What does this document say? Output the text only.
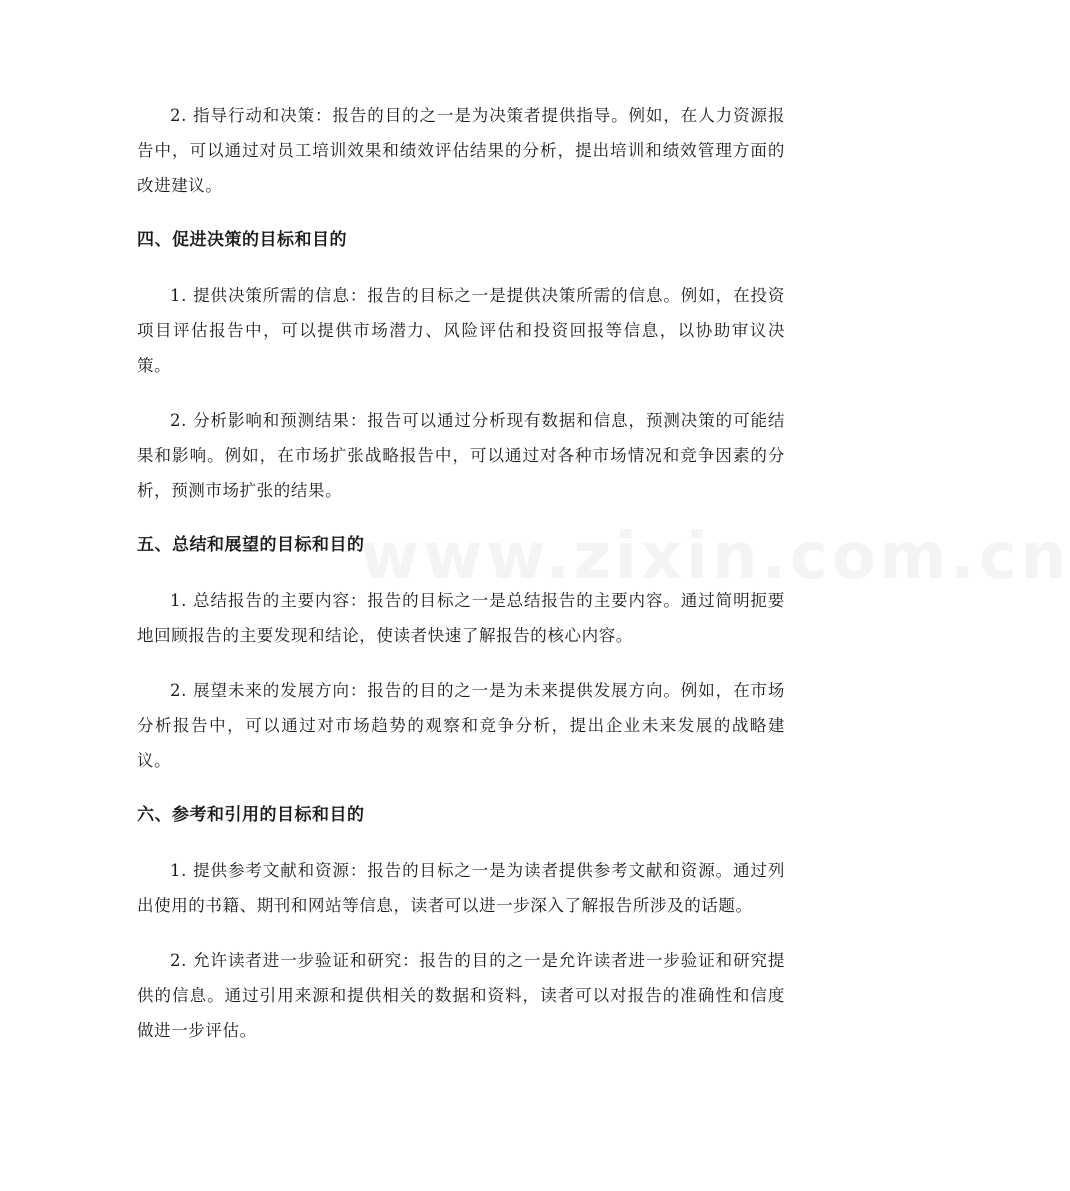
www.zixin.com.cn

2. 指导行动和决策：报告的目的之一是为决策者提供指导。例如，在人力资源报告中，可以通过对员工培训效果和绩效评估结果的分析，提出培训和绩效管理方面的改进建议。

四、促进决策的目标和目的

1. 提供决策所需的信息：报告的目标之一是提供决策所需的信息。例如，在投资项目评估报告中，可以提供市场潜力、风险评估和投资回报等信息，以协助审议决策。

2. 分析影响和预测结果：报告可以通过分析现有数据和信息，预测决策的可能结果和影响。例如，在市场扩张战略报告中，可以通过对各种市场情况和竞争因素的分析，预测市场扩张的结果。

五、总结和展望的目标和目的

1. 总结报告的主要内容：报告的目标之一是总结报告的主要内容。通过简明扼要地回顾报告的主要发现和结论，使读者快速了解报告的核心内容。

2. 展望未来的发展方向：报告的目的之一是为未来提供发展方向。例如，在市场分析报告中，可以通过对市场趋势的观察和竞争分析，提出企业未来发展的战略建议。

六、参考和引用的目标和目的

1. 提供参考文献和资源：报告的目标之一是为读者提供参考文献和资源。通过列出使用的书籍、期刊和网站等信息，读者可以进一步深入了解报告所涉及的话题。

2. 允许读者进一步验证和研究：报告的目的之一是允许读者进一步验证和研究提供的信息。通过引用来源和提供相关的数据和资料，读者可以对报告的准确性和信度做进一步评估。
